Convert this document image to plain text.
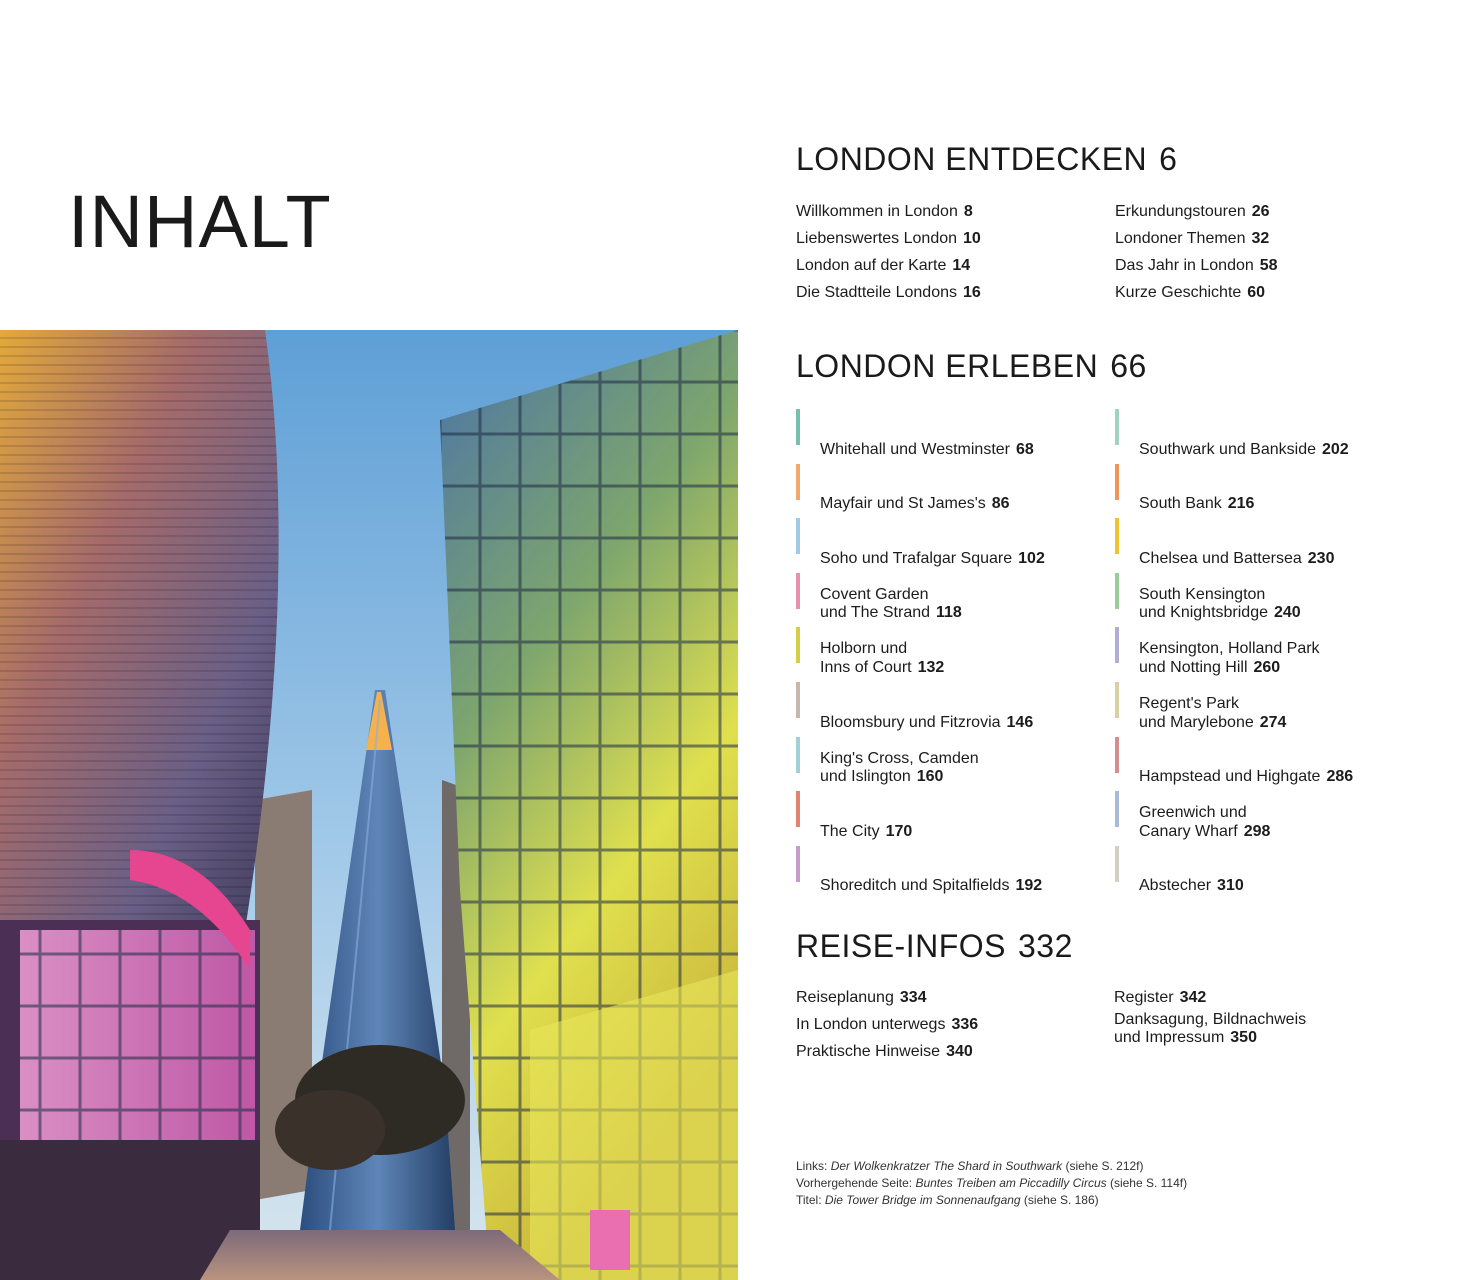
INHALT
LONDON ENTDECKEN 6
Willkommen in London 8
Liebenswertes London 10
London auf der Karte 14
Die Stadtteile Londons 16
Erkundungstouren 26
Londoner Themen 32
Das Jahr in London 58
Kurze Geschichte 60
LONDON ERLEBEN 66
Whitehall und Westminster 68
Mayfair und St James's 86
Soho und Trafalgar Square 102
Covent Garden
und The Strand 118
Holborn und
Inns of Court 132
Bloomsbury und Fitzrovia 146
King's Cross, Camden
und Islington 160
The City 170
Shoreditch und Spitalfields 192
Southwark und Bankside 202
South Bank 216
Chelsea und Battersea 230
South Kensington
und Knightsbridge 240
Kensington, Holland Park
und Notting Hill 260
Regent's Park
und Marylebone 274
Hampstead und Highgate 286
Greenwich und
Canary Wharf 298
Abstecher 310
REISE-INFOS 332
Reiseplanung 334
In London unterwegs 336
Praktische Hinweise 340
Register 342
Danksagung, Bildnachweis
und Impressum 350
Links: Der Wolkenkratzer The Shard in Southwark (siehe S. 212f)
Vorhergehende Seite: Buntes Treiben am Piccadilly Circus (siehe S. 114f)
Titel: Die Tower Bridge im Sonnenaufgang (siehe S. 186)
